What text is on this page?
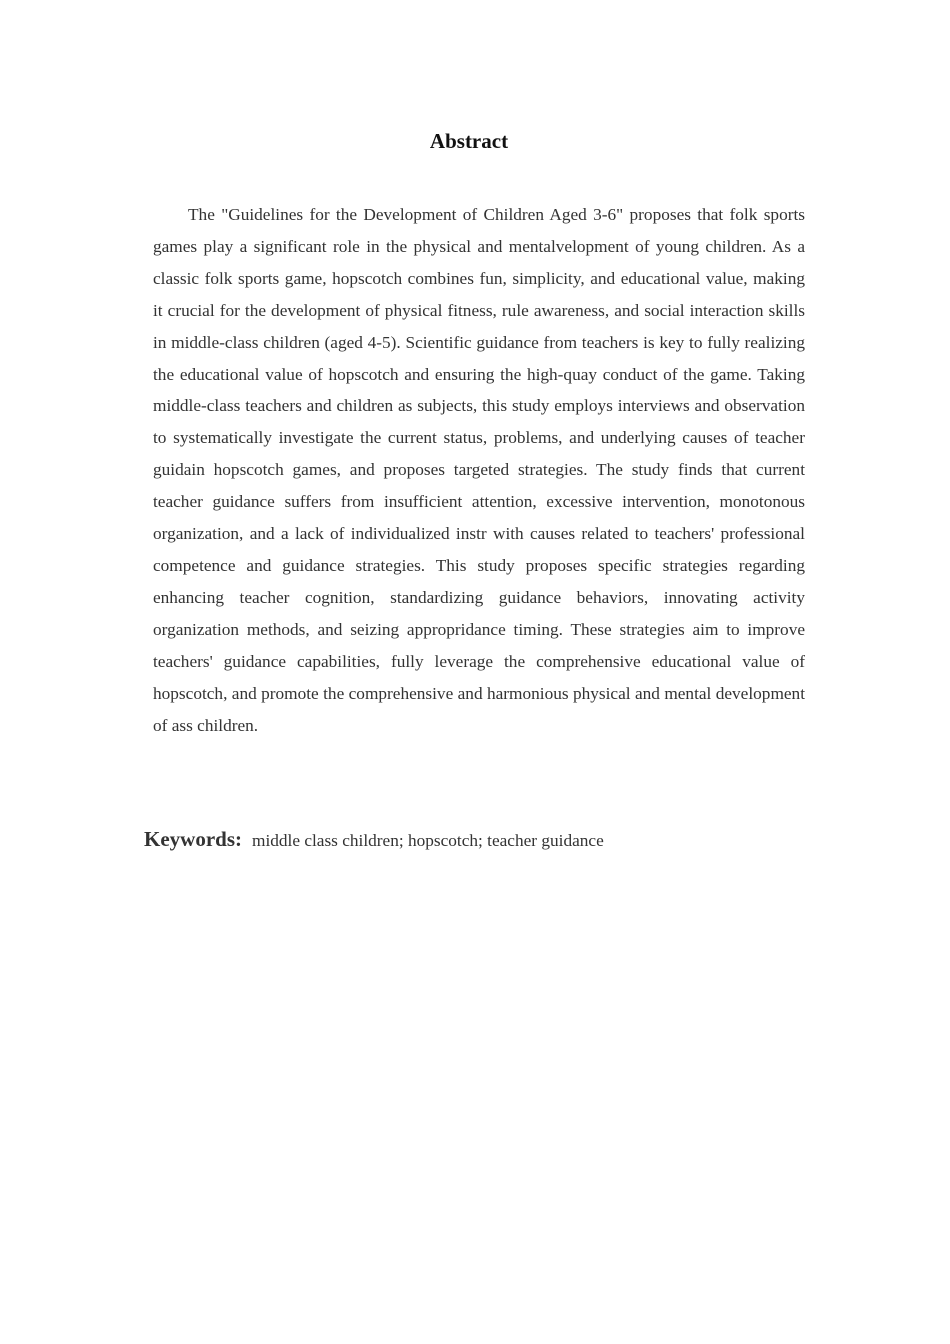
Abstract

The "Guidelines for the Development of Children Aged 3-6" proposes that folk sports games play a significant role in the physical and mentalvelopment of young children. As a classic folk sports game, hopscotch combines fun, simplicity, and educational value, making it crucial for the development of physical fitness, rule awareness, and social interaction skills in middle-class children (aged 4-5). Scientific guidance from teachers is key to fully realizing the educational value of hopscotch and ensuring the high-quay conduct of the game. Taking middle-class teachers and children as subjects, this study employs interviews and observation to systematically investigate the current status, problems, and underlying causes of teacher guidain hopscotch games, and proposes targeted strategies. The study finds that current teacher guidance suffers from insufficient attention, excessive intervention, monotonous organization, and a lack of individualized instr with causes related to teachers' professional competence and guidance strategies. This study proposes specific strategies regarding enhancing teacher cognition, standardizing guidance behaviors, innovating activity organization methods, and seizing appropridance timing. These strategies aim to improve teachers' guidance capabilities, fully leverage the comprehensive educational value of hopscotch, and promote the comprehensive and harmonious physical and mental development of ass children.

Keywords: middle class children; hopscotch; teacher guidance
